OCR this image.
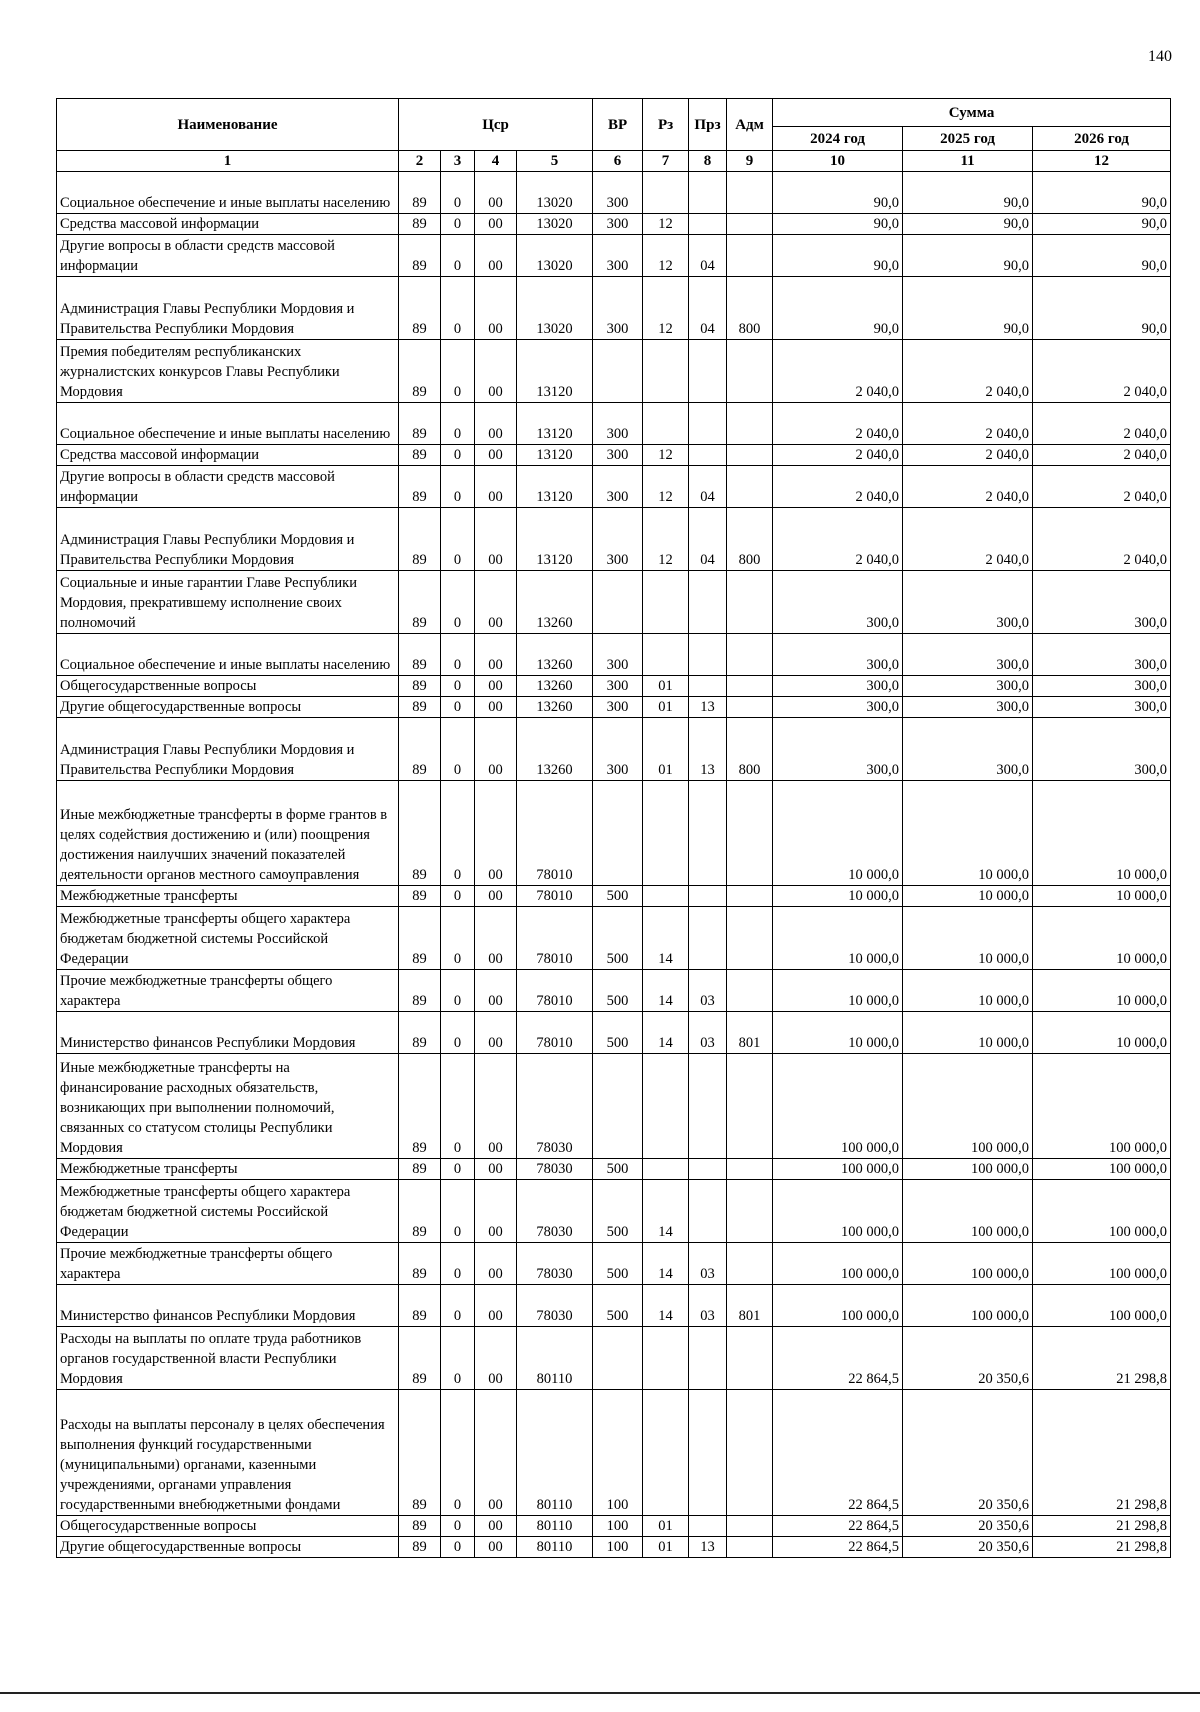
140
Наименование	Цср				ВР	Рз	Прз	Адм	Сумма		
									2024 год	2025 год	2026 год
1	2	3	4	5	6	7	8	9	10	11	12
Социальное обеспечение и иные выплаты населению	89	0	00	13020	300				90,0	90,0	90,0
Средства массовой информации	89	0	00	13020	300	12			90,0	90,0	90,0
Другие вопросы в области средств массовой информации	89	0	00	13020	300	12	04		90,0	90,0	90,0
Администрация Главы Республики Мордовия и Правительства Республики Мордовия	89	0	00	13020	300	12	04	800	90,0	90,0	90,0
Премия победителям республиканских журналистских конкурсов Главы Республики Мордовия	89	0	00	13120					2 040,0	2 040,0	2 040,0
Социальное обеспечение и иные выплаты населению	89	0	00	13120	300				2 040,0	2 040,0	2 040,0
Средства массовой информации	89	0	00	13120	300	12			2 040,0	2 040,0	2 040,0
Другие вопросы в области средств массовой информации	89	0	00	13120	300	12	04		2 040,0	2 040,0	2 040,0
Администрация Главы Республики Мордовия и Правительства Республики Мордовия	89	0	00	13120	300	12	04	800	2 040,0	2 040,0	2 040,0
Социальные и иные гарантии Главе Республики Мордовия, прекратившему исполнение своих полномочий	89	0	00	13260					300,0	300,0	300,0
Социальное обеспечение и иные выплаты населению	89	0	00	13260	300				300,0	300,0	300,0
Общегосударственные вопросы	89	0	00	13260	300	01			300,0	300,0	300,0
Другие общегосударственные вопросы	89	0	00	13260	300	01	13		300,0	300,0	300,0
Администрация Главы Республики Мордовия и Правительства Республики Мордовия	89	0	00	13260	300	01	13	800	300,0	300,0	300,0
Иные межбюджетные трансферты в форме грантов в целях содействия достижению и (или) поощрения достижения наилучших значений показателей деятельности органов местного самоуправления	89	0	00	78010					10 000,0	10 000,0	10 000,0
Межбюджетные трансферты	89	0	00	78010	500				10 000,0	10 000,0	10 000,0
Межбюджетные трансферты общего характера бюджетам бюджетной системы Российской Федерации	89	0	00	78010	500	14			10 000,0	10 000,0	10 000,0
Прочие межбюджетные трансферты общего характера	89	0	00	78010	500	14	03		10 000,0	10 000,0	10 000,0
Министерство финансов Республики Мордовия	89	0	00	78010	500	14	03	801	10 000,0	10 000,0	10 000,0
Иные межбюджетные трансферты на финансирование расходных обязательств, возникающих при выполнении полномочий, связанных со статусом столицы Республики Мордовия	89	0	00	78030					100 000,0	100 000,0	100 000,0
Межбюджетные трансферты	89	0	00	78030	500				100 000,0	100 000,0	100 000,0
Межбюджетные трансферты общего характера бюджетам бюджетной системы Российской Федерации	89	0	00	78030	500	14			100 000,0	100 000,0	100 000,0
Прочие межбюджетные трансферты общего характера	89	0	00	78030	500	14	03		100 000,0	100 000,0	100 000,0
Министерство финансов Республики Мордовия	89	0	00	78030	500	14	03	801	100 000,0	100 000,0	100 000,0
Расходы на выплаты по оплате труда работников органов государственной власти Республики Мордовия	89	0	00	80110					22 864,5	20 350,6	21 298,8
Расходы на выплаты персоналу в целях обеспечения выполнения функций государственными (муниципальными) органами, казенными учреждениями, органами управления государственными внебюджетными фондами	89	0	00	80110	100				22 864,5	20 350,6	21 298,8
Общегосударственные вопросы	89	0	00	80110	100	01			22 864,5	20 350,6	21 298,8
Другие общегосударственные вопросы	89	0	00	80110	100	01	13		22 864,5	20 350,6	21 298,8
